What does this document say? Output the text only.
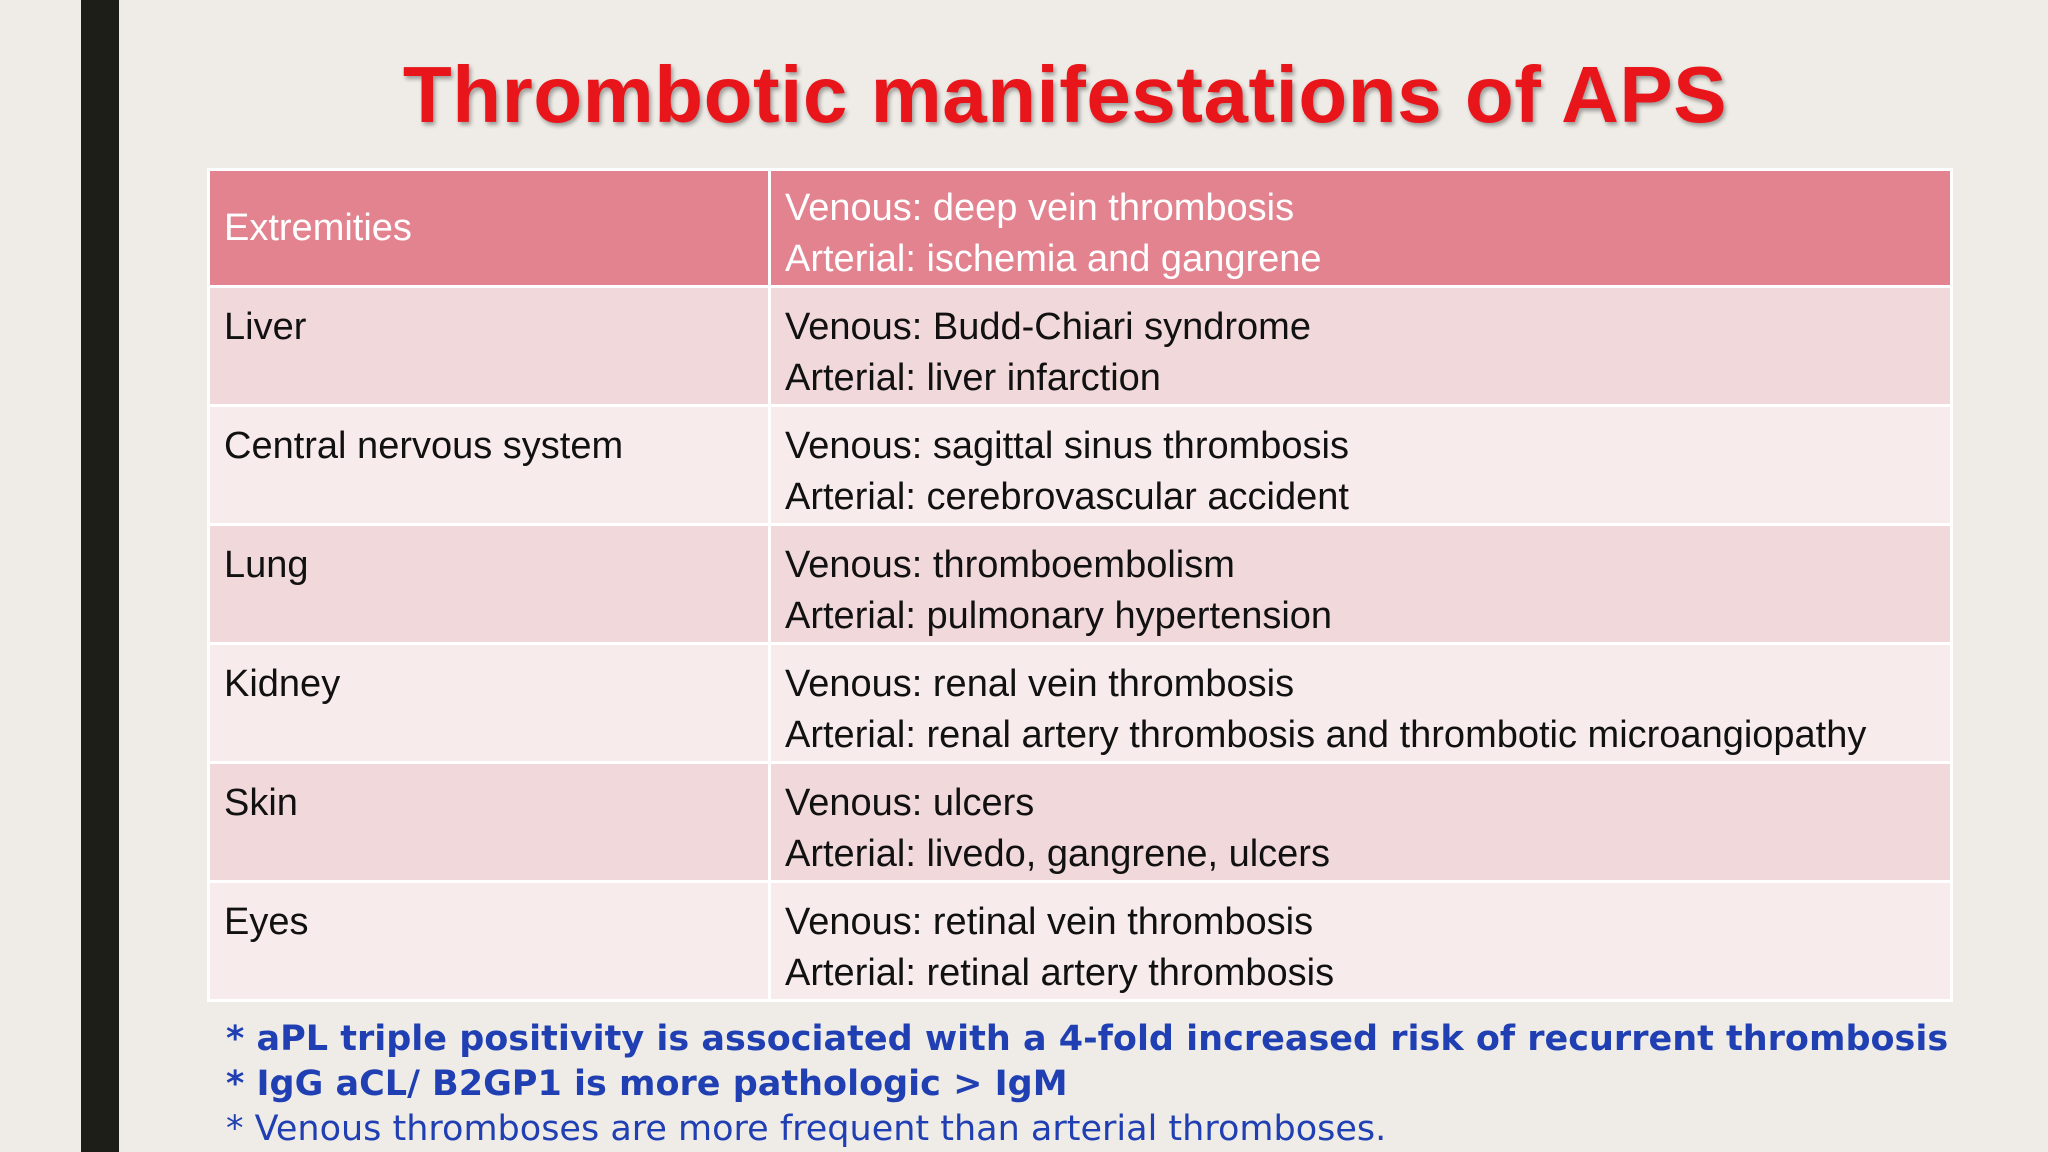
Thrombotic manifestations of APS
Extremities	Venous: deep vein thrombosis
Arterial: ischemia and gangrene

Liver	Venous: Budd-Chiari syndrome
Arterial: liver infarction

Central nervous system	Venous: sagittal sinus thrombosis
Arterial: cerebrovascular accident

Lung	Venous: thromboembolism
Arterial: pulmonary hypertension

Kidney	Venous: renal vein thrombosis
Arterial: renal artery thrombosis and thrombotic microangiopathy

Skin	Venous: ulcers
Arterial: livedo, gangrene, ulcers

Eyes	Venous: retinal vein thrombosis
Arterial: retinal artery thrombosis
* aPL triple positivity is associated with a 4-fold increased risk of recurrent thrombosis
* IgG aCL/ B2GP1 is more pathologic > IgM
* Venous thromboses are more frequent than arterial thromboses.
